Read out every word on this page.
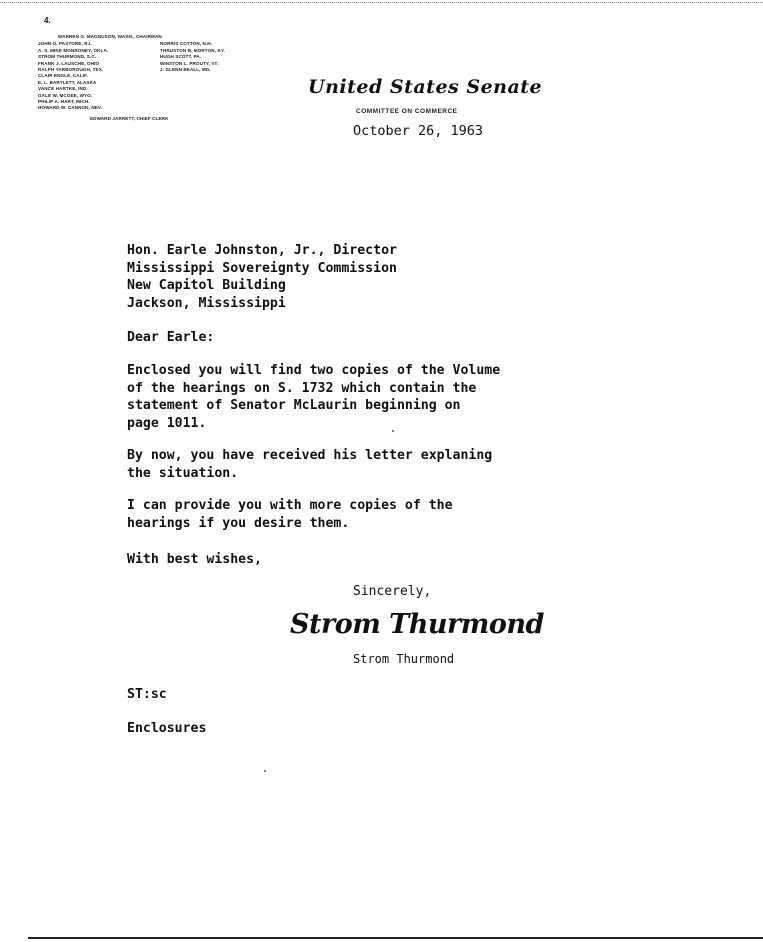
4.
WARREN G. MAGNUSON, WASH., CHAIRMAN
JOHN O. PASTORE, R.I.
A. S. MIKE MONRONEY, OKLA.
STROM THURMOND, S.C.
FRANK J. LAUSCHE, OHIO
RALPH YARBOROUGH, TEX.
CLAIR ENGLE, CALIF.
E. L. BARTLETT, ALASKA
VANCE HARTKE, IND.
GALE W. MCGEE, WYO.
PHILIP A. HART, MICH.
HOWARD W. CANNON, NEV.
NORRIS COTTON, N.H.
THRUSTON B. MORTON, KY.
HUGH SCOTT, PA.
WINSTON L. PROUTY, VT.
J. GLENN BEALL, MD.
EDWARD JARRETT, CHIEF CLERK
United States Senate
COMMITTEE ON COMMERCE
October 26, 1963
Hon. Earle Johnston, Jr., Director
Mississippi Sovereignty Commission
New Capitol Building
Jackson, Mississippi
Dear Earle:
Enclosed you will find two copies of the Volume
of the hearings on S. 1732 which contain the
statement of Senator McLaurin beginning on
page 1011.
By now, you have received his letter explaning
the situation.
I can provide you with more copies of the
hearings if you desire them.
With best wishes,
Sincerely,
Strom Thurmond
Strom Thurmond
ST:sc
Enclosures
